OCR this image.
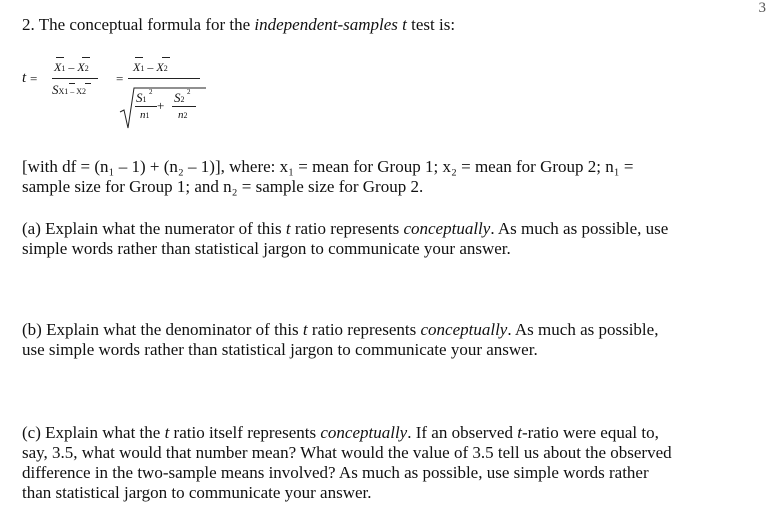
3
2. The conceptual formula for the independent-samples t test is:
t =
X1 – X2
SX1 – X2
=
X1 – X2
S1
2 S2
2
+
n1	n2
[with df = (n₁ – 1) + (n₂ – 1)], where: x₁ = mean for Group 1; x₂ = mean for Group 2; n₁ =
sample size for Group 1; and n₂ = sample size for Group 2.
(a) Explain what the numerator of this t ratio represents conceptually. As much as possible, use
simple words rather than statistical jargon to communicate your answer.
(b) Explain what the denominator of this t ratio represents conceptually. As much as possible,
use simple words rather than statistical jargon to communicate your answer.
(c) Explain what the t ratio itself represents conceptually. If an observed t-ratio were equal to,
say, 3.5, what would that number mean? What would the value of 3.5 tell us about the observed
difference in the two-sample means involved? As much as possible, use simple words rather
than statistical jargon to communicate your answer.
